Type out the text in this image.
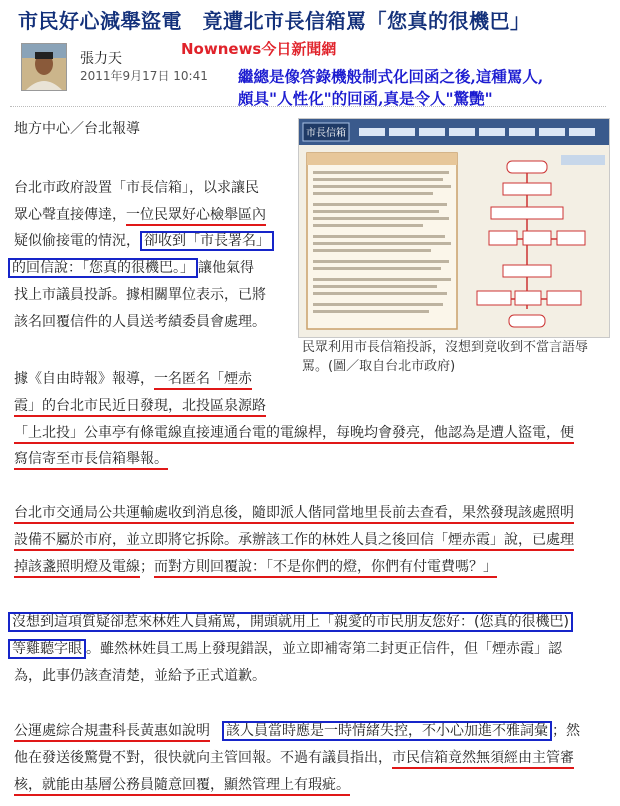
市民好心減舉盜電　竟遭北市長信箱罵「您真的很機巴」
張力天
2011年9月17日 10:41
Nownews今日新聞網
繼總是像答錄機般制式化回函之後,這種罵人,
頗具"人性化"的回函,真是令人"驚艷"
地方中心／台北報導	市長信箱
民眾利用市長信箱投訴，沒想到竟收到不當言語辱
罵。(圖／取自台北市政府)
台北市政府設置「市長信箱」，以求讓民
眾心聲直接傳達，一位民眾好心檢舉區內
疑似偷接電的情況， 卻收到「市長署名」
的回信說：「您真的很機巴。」 讓他氣得
找上市議員投訴。據相關單位表示，已將
該名回覆信件的人員送考績委員會處理。
據《自由時報》報導，一名匿名「煙赤
霞」的台北市民近日發現，北投區泉源路
「上北投」公車亭有條電線直接連通台電的電線桿，每晚均會發亮，他認為是遭人盜電，便
寫信寄至市長信箱舉報。
台北市交通局公共運輸處收到消息後，隨即派人偕同當地里長前去查看，果然發現該處照明
設備不屬於市府，並立即將它拆除。承辦該工作的林姓人員之後回信「煙赤霞」說，已處理
掉該盞照明燈及電線；而對方則回覆說：「不是你們的燈，你們有付電費嗎？」
沒想到這項質疑卻惹來林姓人員痛罵，開頭就用上「親愛的市民朋友您好：(您真的很機巴)
等雞聽字眼 。雖然林姓員工馬上發現錯誤，並立即補寄第二封更正信件，但「煙赤霞」認
為，此事仍該查清楚，並給予正式道歉。
公運處綜合規畫科長黃惠如說明 該人員當時應是一時情緒失控，不小心加進不雅詞彙 ；然
他在發送後驚覺不對，很快就向主管回報。不過有議員指出，市民信箱竟然無須經由主管審
核，就能由基層公務員隨意回覆，顯然管理上有瑕疵。
